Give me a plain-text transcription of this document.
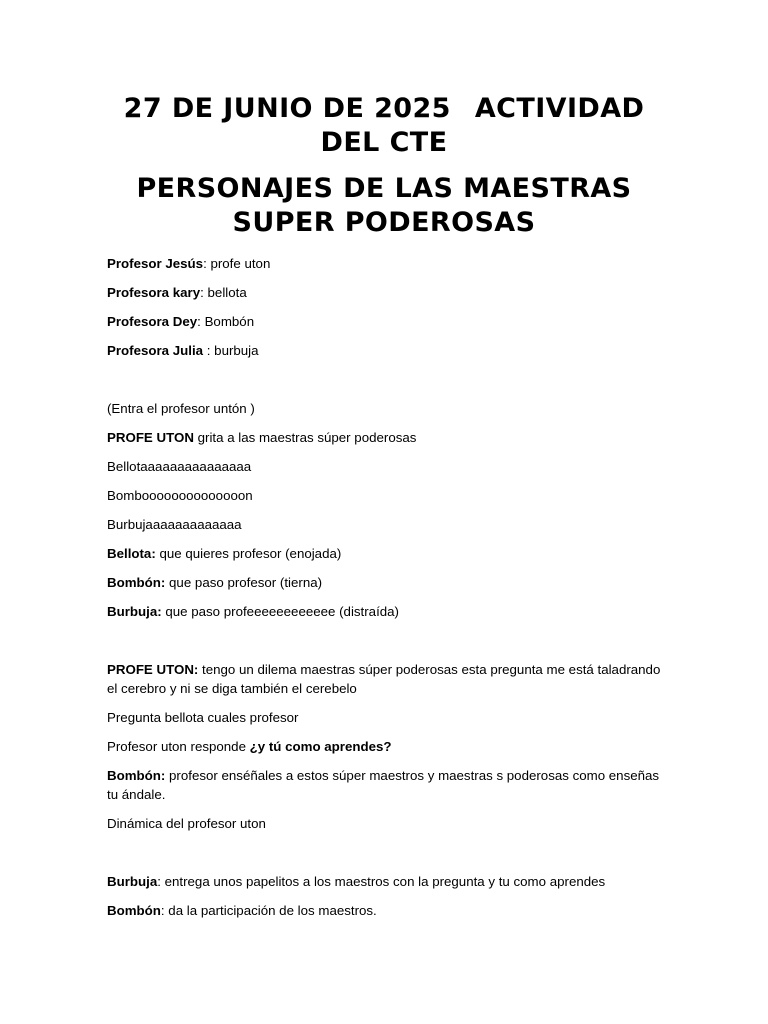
27 DE JUNIO DE 2025 ACTIVIDAD DEL CTE
PERSONAJES DE LAS MAESTRAS SUPER PODEROSAS

Profesor Jesús: profe uton

Profesora kary: bellota

Profesora Dey: Bombón

Profesora Julia : burbuja

(Entra el profesor untón )

PROFE UTON grita a las maestras súper poderosas

Bellotaaaaaaaaaaaaaaa

Bomboooooooooooooon

Burbujaaaaaaaaaaaaa

Bellota: que quieres profesor (enojada)

Bombón: que paso profesor (tierna)

Burbuja: que paso profeeeeeeeeeeee (distraída)

PROFE UTON: tengo un dilema maestras súper poderosas esta pregunta me está taladrando el cerebro y ni se diga también el cerebelo

Pregunta bellota cuales profesor

Profesor uton responde ¿y tú como aprendes?

Bombón: profesor enséñales a estos súper maestros y maestras s poderosas como enseñas tu ándale.

Dinámica del profesor uton

Burbuja: entrega unos papelitos a los maestros con la pregunta y tu como aprendes

Bombón: da la participación de los maestros.
